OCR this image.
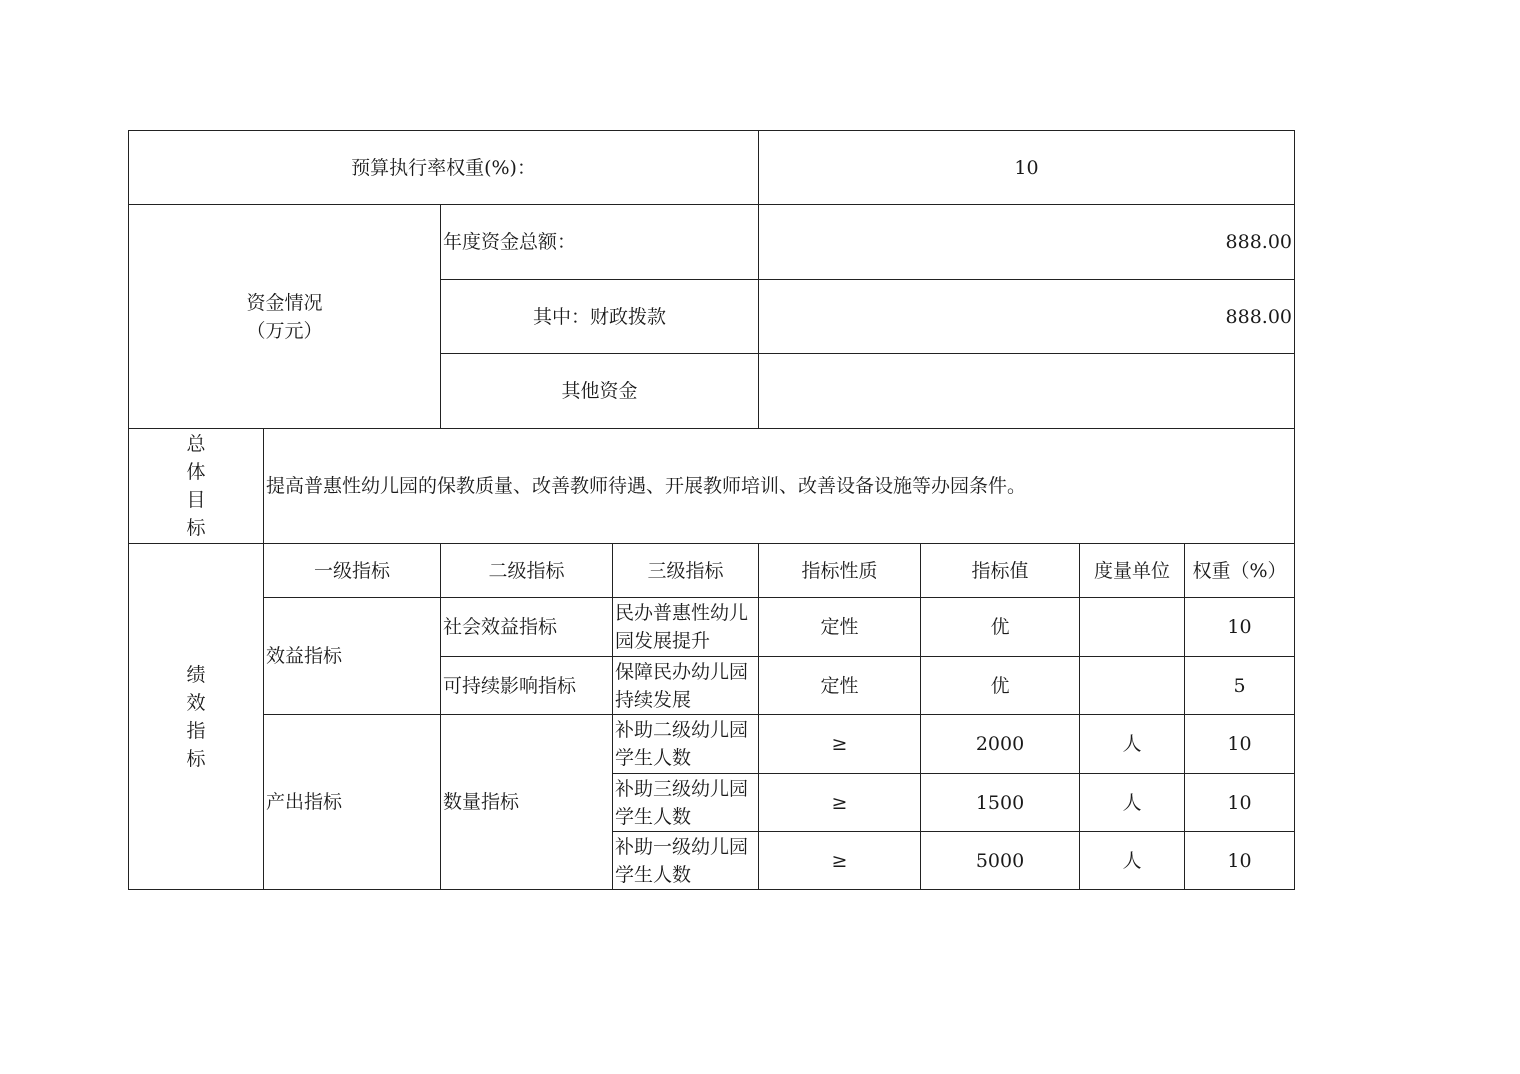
预算执行率权重(%)：				10			

资金情况
（万元）		年度资金总额：		888.00			
		其中：财政拨款		888.00			
		其他资金					

总
体
目
标	提高普惠性幼儿园的保教质量、改善教师待遇、开展教师培训、改善设备设施等办园条件。						

绩
效
指
标	一级指标	二级指标	三级指标	指标性质	指标值	度量单位	权重（%）
	效益指标	社会效益指标	民办普惠性幼儿园发展提升	定性	优		10
		可持续影响指标	保障民办幼儿园持续发展	定性	优		5
	产出指标	数量指标	补助二级幼儿园学生人数	≥	2000	人	10
			补助三级幼儿园学生人数	≥	1500	人	10
			补助一级幼儿园学生人数	≥	5000	人	10
